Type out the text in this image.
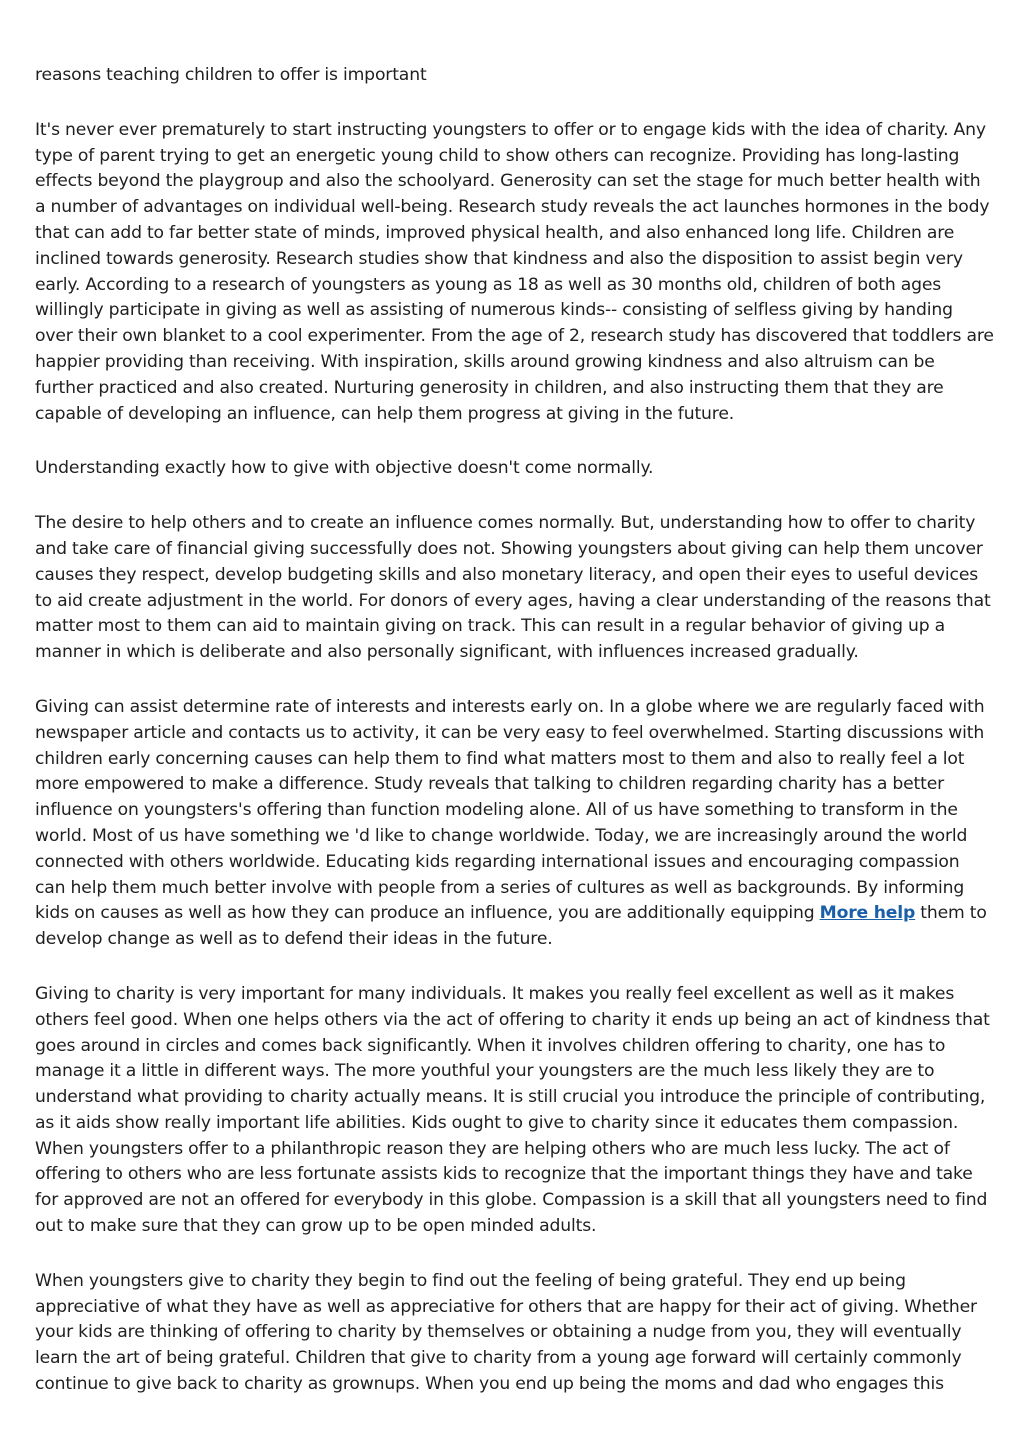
reasons teaching children to offer is important
It's never ever prematurely to start instructing youngsters to offer or to engage kids with the idea of charity. Any type of parent trying to get an energetic young child to show others can recognize. Providing has long-lasting effects beyond the playgroup and also the schoolyard. Generosity can set the stage for much better health with a number of advantages on individual well-being. Research study reveals the act launches hormones in the body that can add to far better state of minds, improved physical health, and also enhanced long life. Children are inclined towards generosity. Research studies show that kindness and also the disposition to assist begin very early. According to a research of youngsters as young as 18 as well as 30 months old, children of both ages willingly participate in giving as well as assisting of numerous kinds-- consisting of selfless giving by handing over their own blanket to a cool experimenter. From the age of 2, research study has discovered that toddlers are happier providing than receiving. With inspiration, skills around growing kindness and also altruism can be further practiced and also created. Nurturing generosity in children, and also instructing them that they are capable of developing an influence, can help them progress at giving in the future.
Understanding exactly how to give with objective doesn't come normally.
The desire to help others and to create an influence comes normally. But, understanding how to offer to charity and take care of financial giving successfully does not. Showing youngsters about giving can help them uncover causes they respect, develop budgeting skills and also monetary literacy, and open their eyes to useful devices to aid create adjustment in the world. For donors of every ages, having a clear understanding of the reasons that matter most to them can aid to maintain giving on track. This can result in a regular behavior of giving up a manner in which is deliberate and also personally significant, with influences increased gradually.
Giving can assist determine rate of interests and interests early on. In a globe where we are regularly faced with newspaper article and contacts us to activity, it can be very easy to feel overwhelmed. Starting discussions with children early concerning causes can help them to find what matters most to them and also to really feel a lot more empowered to make a difference. Study reveals that talking to children regarding charity has a better influence on youngsters's offering than function modeling alone. All of us have something to transform in the world. Most of us have something we 'd like to change worldwide. Today, we are increasingly around the world connected with others worldwide. Educating kids regarding international issues and encouraging compassion can help them much better involve with people from a series of cultures as well as backgrounds. By informing kids on causes as well as how they can produce an influence, you are additionally equipping More help them to develop change as well as to defend their ideas in the future.
Giving to charity is very important for many individuals. It makes you really feel excellent as well as it makes others feel good. When one helps others via the act of offering to charity it ends up being an act of kindness that goes around in circles and comes back significantly. When it involves children offering to charity, one has to manage it a little in different ways. The more youthful your youngsters are the much less likely they are to understand what providing to charity actually means. It is still crucial you introduce the principle of contributing, as it aids show really important life abilities. Kids ought to give to charity since it educates them compassion. When youngsters offer to a philanthropic reason they are helping others who are much less lucky. The act of offering to others who are less fortunate assists kids to recognize that the important things they have and take for approved are not an offered for everybody in this globe. Compassion is a skill that all youngsters need to find out to make sure that they can grow up to be open minded adults.
When youngsters give to charity they begin to find out the feeling of being grateful. They end up being appreciative of what they have as well as appreciative for others that are happy for their act of giving. Whether your kids are thinking of offering to charity by themselves or obtaining a nudge from you, they will eventually learn the art of being grateful. Children that give to charity from a young age forward will certainly commonly continue to give back to charity as grownups. When you end up being the moms and dad who engages this
